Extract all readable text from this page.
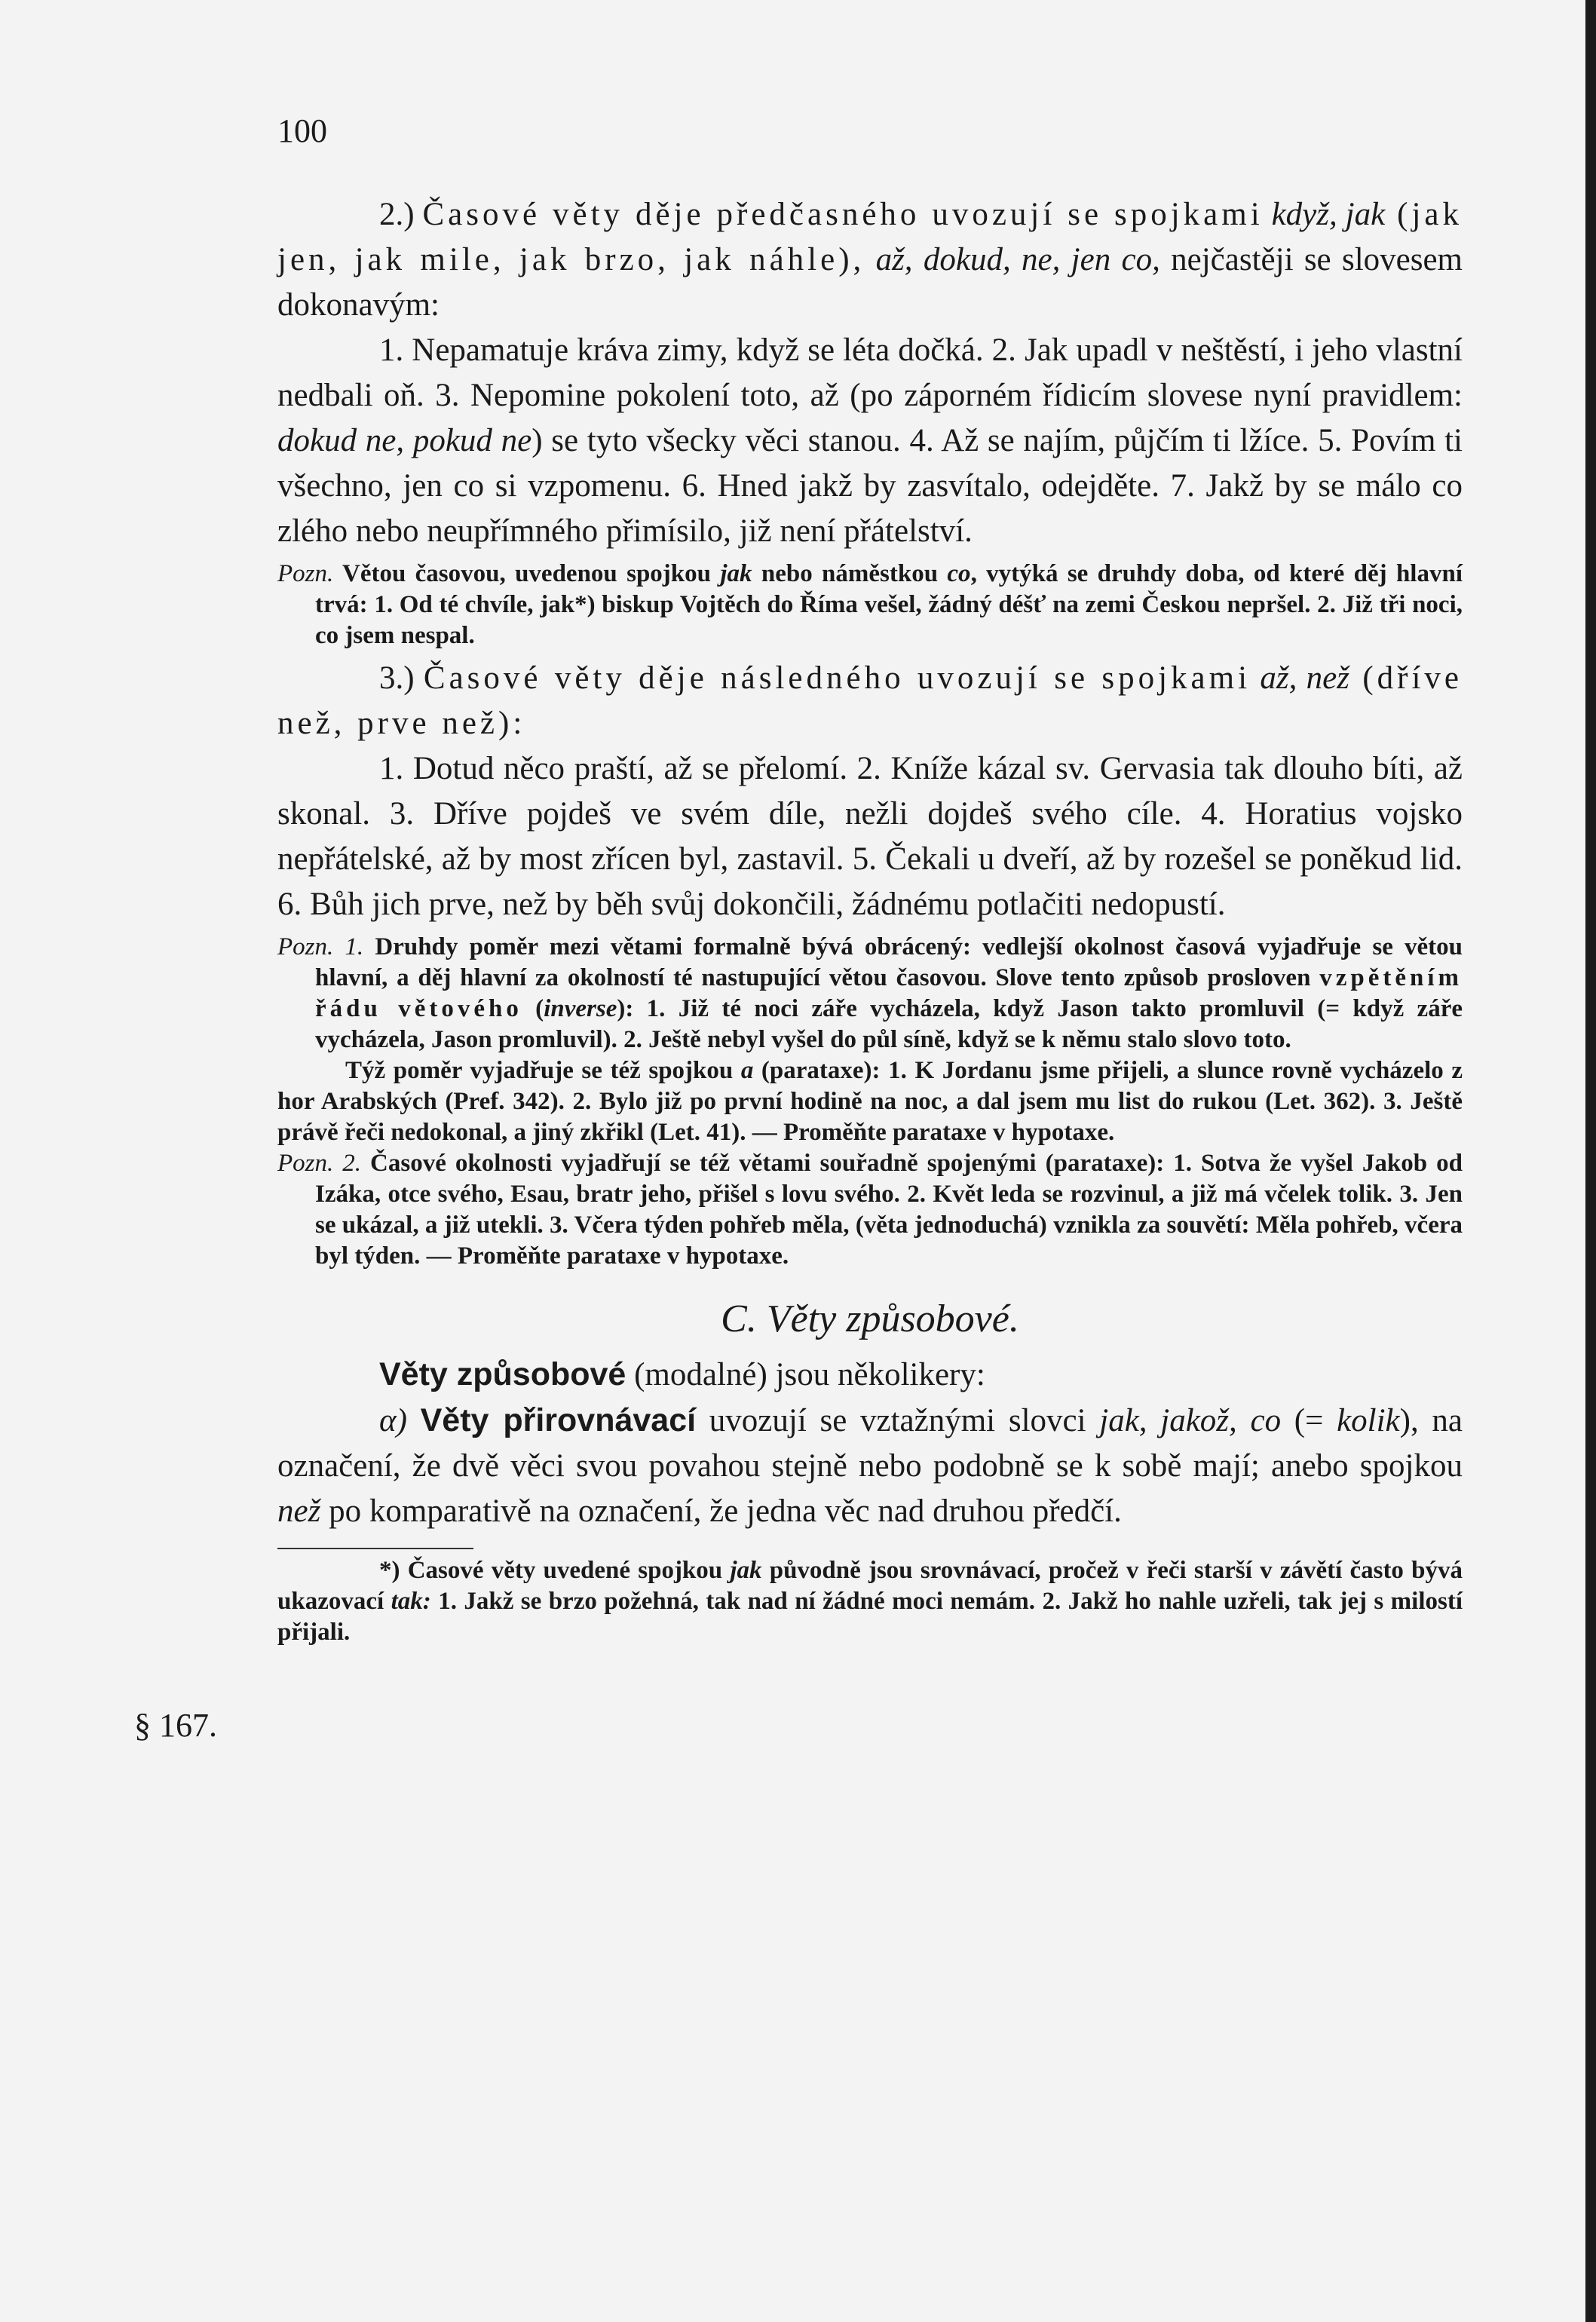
100
§ 167.

2.) Časové věty děje předčasného uvozují se spojkami když, jak (jak jen, jak mile, jak brzo, jak náhle), až, dokud, ne, jen co, nejčastěji se slovesem dokonavým:

1. Nepamatuje kráva zimy, když se léta dočká. 2. Jak upadl v neštěstí, i jeho vlastní nedbali oň. 3. Nepomine pokolení toto, až (po záporném řídicím slovese nyní pravidlem: dokud ne, pokud ne) se tyto všecky věci stanou. 4. Až se najím, půjčím ti lžíce. 5. Povím ti všechno, jen co si vzpomenu. 6. Hned jakž by zasvítalo, odejděte. 7. Jakž by se málo co zlého nebo neupřímného přimísilo, již není přátelství.

Pozn. Větou časovou, uvedenou spojkou jak nebo náměstkou co, vytýká se druhdy doba, od které děj hlavní trvá: 1. Od té chvíle, jak*) biskup Vojtěch do Říma vešel, žádný déšť na zemi Českou nepršel. 2. Již tři noci, co jsem nespal.

3.) Časové věty děje následného uvozují se spojkami až, než (dříve než, prve než):

1. Dotud něco praští, až se přelomí. 2. Kníže kázal sv. Gervasia tak dlouho bíti, až skonal. 3. Dříve pojdeš ve svém díle, nežli dojdeš svého cíle. 4. Horatius vojsko nepřátelské, až by most zřícen byl, zastavil. 5. Čekali u dveří, až by rozešel se poněkud lid. 6. Bůh jich prve, než by běh svůj dokončili, žádnému potlačiti nedopustí.

Pozn. 1. Druhdy poměr mezi větami formalně bývá obrácený: vedlejší okolnost časová vyjadřuje se větou hlavní, a děj hlavní za okolností té nastupující větou časovou. Slove tento způsob prosloven vzpětěním řádu větového (inverse): 1. Již té noci záře vycházela, když Jason takto promluvil (= když záře vycházela, Jason promluvil). 2. Ještě nebyl vyšel do půl síně, když se k němu stalo slovo toto.

Týž poměr vyjadřuje se též spojkou a (parataxe): 1. K Jordanu jsme přijeli, a slunce rovně vycházelo z hor Arabských (Pref. 342). 2. Bylo již po první hodině na noc, a dal jsem mu list do rukou (Let. 362). 3. Ještě právě řeči nedokonal, a jiný zkřikl (Let. 41). — Proměňte parataxe v hypotaxe.

Pozn. 2. Časové okolnosti vyjadřují se též větami souřadně spojenými (parataxe): 1. Sotva že vyšel Jakob od Izáka, otce svého, Esau, bratr jeho, přišel s lovu svého. 2. Květ leda se rozvinul, a již má včelek tolik. 3. Jen se ukázal, a již utekli. 3. Včera týden pohřeb měla, (věta jednoduchá) vznikla za souvětí: Měla pohřeb, včera byl týden. — Proměňte parataxe v hypotaxe.

C. Věty způsobové.

Věty způsobové (modalné) jsou několikery:

α) Věty přirovnávací uvozují se vztažnými slovci jak, jakož, co (= kolik), na označení, že dvě věci svou povahou stejně nebo podobně se k sobě mají; anebo spojkou než po komparativě na označení, že jedna věc nad druhou předčí.

*) Časové věty uvedené spojkou jak původně jsou srovnávací, pročež v řeči starší v závětí často bývá ukazovací tak: 1. Jakž se brzo požehná, tak nad ní žádné moci nemám. 2. Jakž ho nahle uzřeli, tak jej s milostí přijali.
